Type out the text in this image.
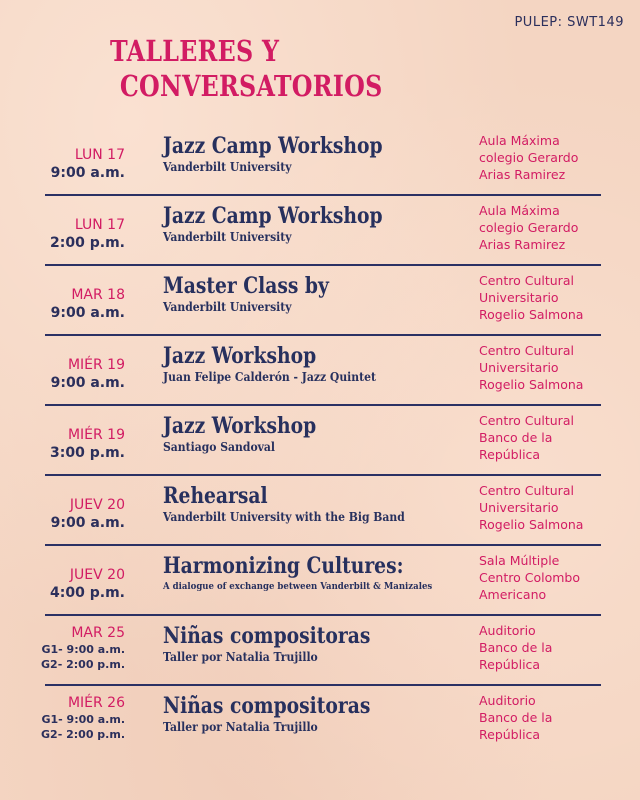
PULEP: SWT149
TALLERES Y
CONVERSATORIOS
LUN 17
9:00 a.m.
Jazz Camp Workshop
Vanderbilt University
Aula Máxima
colegio Gerardo
Arias Ramirez
LUN 17
2:00 p.m.
Jazz Camp Workshop
Vanderbilt University
Aula Máxima
colegio Gerardo
Arias Ramirez
MAR 18
9:00 a.m.
Master Class by
Vanderbilt University
Centro Cultural
Universitario
Rogelio Salmona
MIÉR 19
9:00 a.m.
Jazz Workshop
Juan Felipe Calderón - Jazz Quintet
Centro Cultural
Universitario
Rogelio Salmona
MIÉR 19
3:00 p.m.
Jazz Workshop
Santiago Sandoval
Centro Cultural
Banco de la
República
JUEV 20
9:00 a.m.
Rehearsal
Vanderbilt University with the Big Band
Centro Cultural
Universitario
Rogelio Salmona
JUEV 20
4:00 p.m.
Harmonizing Cultures:
A dialogue of exchange between Vanderbilt & Manizales
Sala Múltiple
Centro Colombo
Americano
MAR 25
G1- 9:00 a.m.
G2- 2:00 p.m.
Niñas compositoras
Taller por Natalia Trujillo
Auditorio
Banco de la
República
MIÉR 26
G1- 9:00 a.m.
G2- 2:00 p.m.
Niñas compositoras
Taller por Natalia Trujillo
Auditorio
Banco de la
República
